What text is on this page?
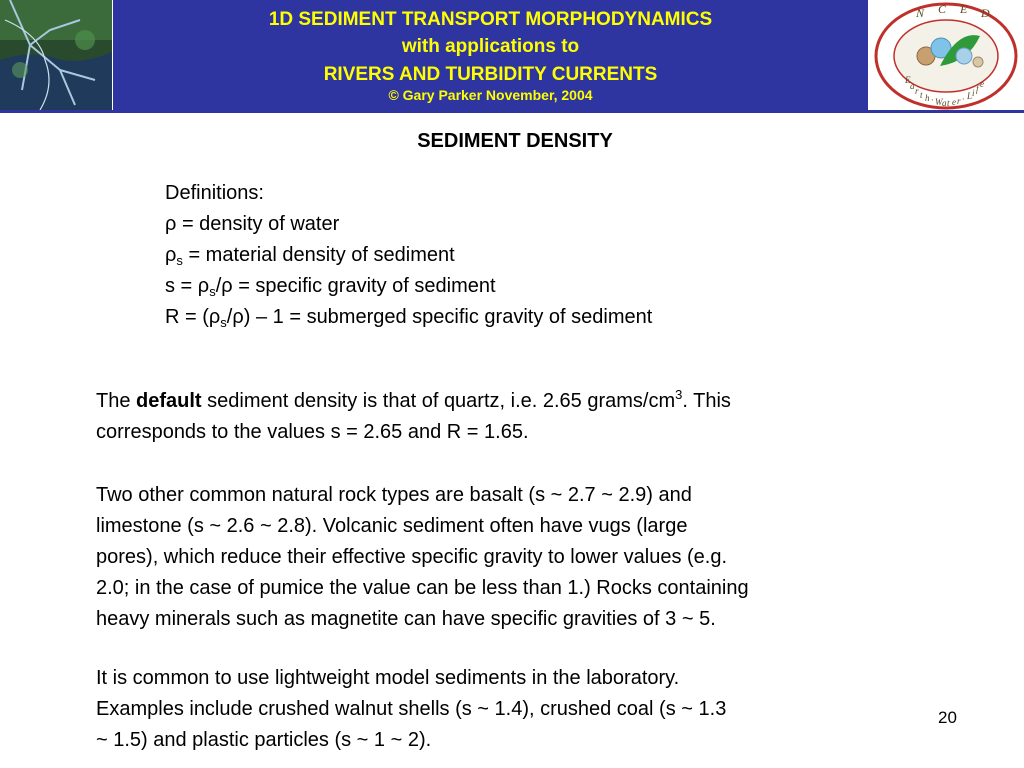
1D SEDIMENT TRANSPORT MORPHODYNAMICS
with applications to
RIVERS AND TURBIDITY CURRENTS
© Gary Parker November, 2004
N C E D
E
a r t h · W a t e r · L i f e
SEDIMENT DENSITY
Definitions:
ρ = density of water
$\rho_s$ = material density of sediment
$s = \rho_s/\rho$ = specific gravity of sediment
$R = (\rho_s/\rho) - 1$ = submerged specific gravity of sediment
The default sediment density is that of quartz, i.e. 2.65 grams/$cm^3$. This
corresponds to the values s = 2.65 and R = 1.65.
Two other common natural rock types are basalt (s ~ 2.7 ~ 2.9) and
limestone (s ~ 2.6 ~ 2.8). Volcanic sediment often have vugs (large
pores), which reduce their effective specific gravity to lower values (e.g.
2.0; in the case of pumice the value can be less than 1.) Rocks containing
heavy minerals such as magnetite can have specific gravities of 3 ~ 5.
It is common to use lightweight model sediments in the laboratory.
Examples include crushed walnut shells (s ~ 1.4), crushed coal (s ~ 1.3
~ 1.5) and plastic particles (s ~ 1 ~ 2).
20
